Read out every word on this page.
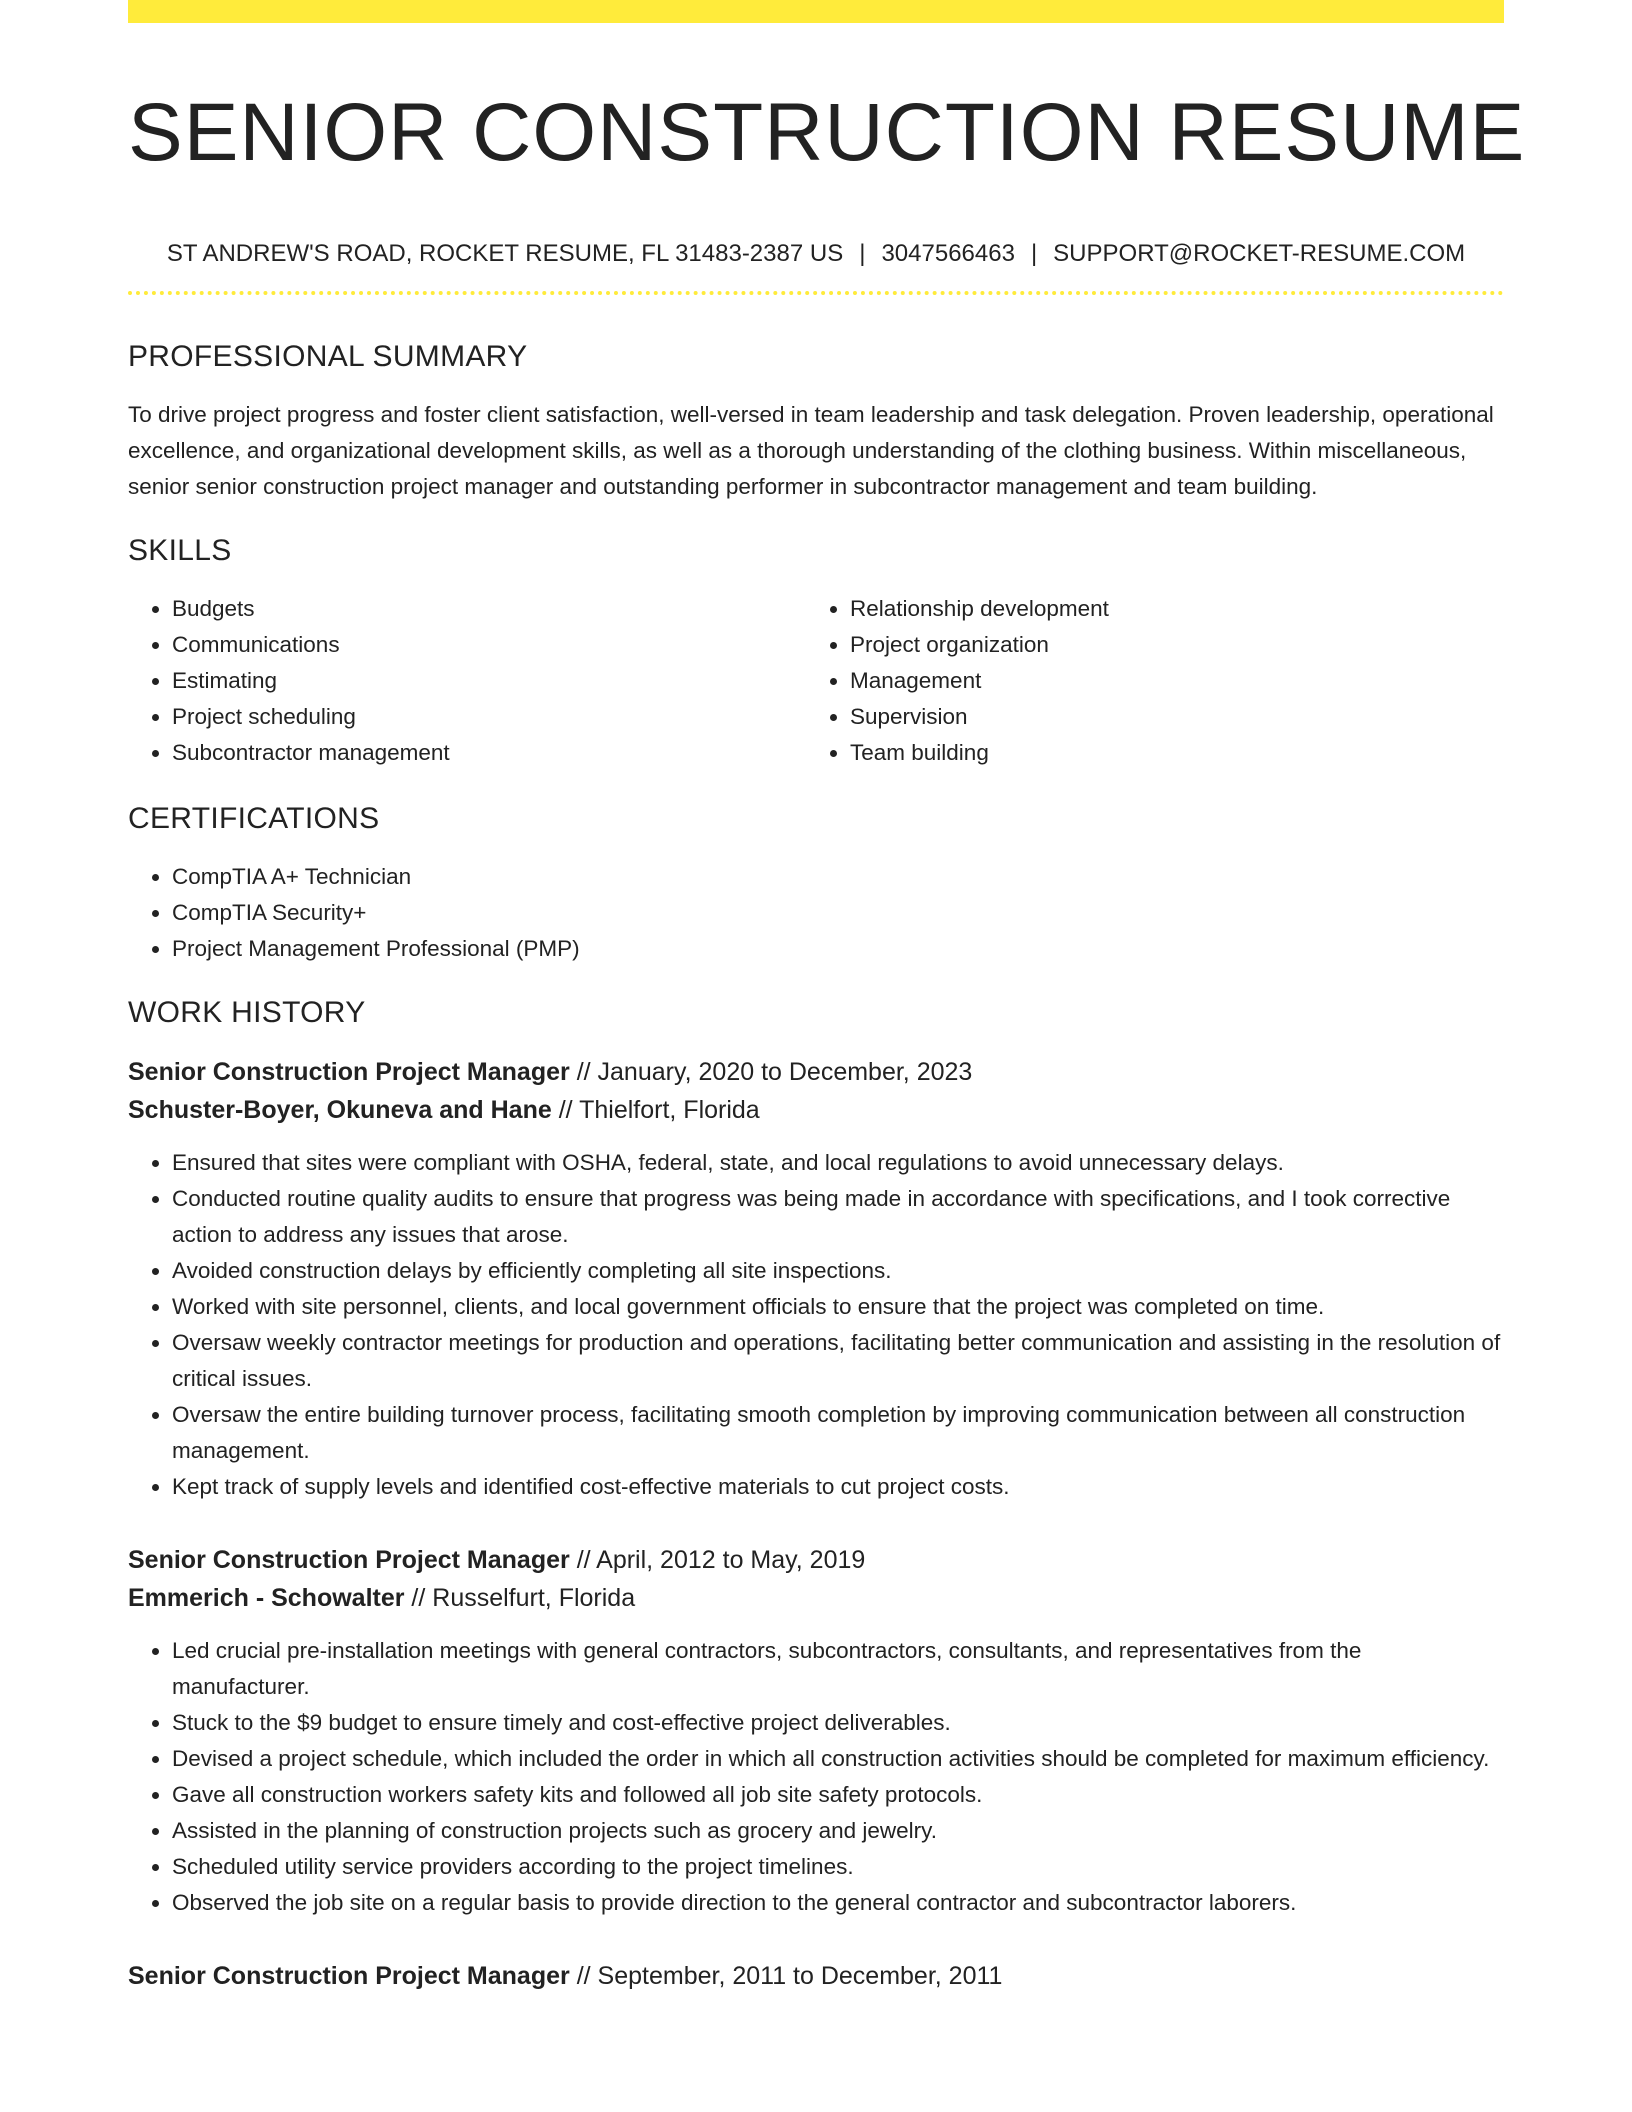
SENIOR CONSTRUCTION RESUME
ST ANDREW'S ROAD, ROCKET RESUME, FL 31483-2387 US | 3047566463 | SUPPORT@ROCKET-RESUME.COM
PROFESSIONAL SUMMARY

To drive project progress and foster client satisfaction, well-versed in team leadership and task delegation. Proven leadership, operational excellence, and organizational development skills, as well as a thorough understanding of the clothing business. Within miscellaneous, senior senior construction project manager and outstanding performer in subcontractor management and team building.

SKILLS
• Budgets
• Communications
• Estimating
• Project scheduling
• Subcontractor management
• Relationship development
• Project organization
• Management
• Supervision
• Team building
CERTIFICATIONS
• CompTIA A+ Technician
• CompTIA Security+
• Project Management Professional (PMP)
WORK HISTORY
Senior Construction Project Manager // January, 2020 to December, 2023
Schuster-Boyer, Okuneva and Hane // Thielfort, Florida
• Ensured that sites were compliant with OSHA, federal, state, and local regulations to avoid unnecessary delays.
• Conducted routine quality audits to ensure that progress was being made in accordance with specifications, and I took corrective action to address any issues that arose.
• Avoided construction delays by efficiently completing all site inspections.
• Worked with site personnel, clients, and local government officials to ensure that the project was completed on time.
• Oversaw weekly contractor meetings for production and operations, facilitating better communication and assisting in the resolution of critical issues.
• Oversaw the entire building turnover process, facilitating smooth completion by improving communication between all construction management.
• Kept track of supply levels and identified cost-effective materials to cut project costs.
Senior Construction Project Manager // April, 2012 to May, 2019
Emmerich - Schowalter // Russelfurt, Florida
• Led crucial pre-installation meetings with general contractors, subcontractors, consultants, and representatives from the manufacturer.
• Stuck to the $9 budget to ensure timely and cost-effective project deliverables.
• Devised a project schedule, which included the order in which all construction activities should be completed for maximum efficiency.
• Gave all construction workers safety kits and followed all job site safety protocols.
• Assisted in the planning of construction projects such as grocery and jewelry.
• Scheduled utility service providers according to the project timelines.
• Observed the job site on a regular basis to provide direction to the general contractor and subcontractor laborers.
Senior Construction Project Manager // September, 2011 to December, 2011
